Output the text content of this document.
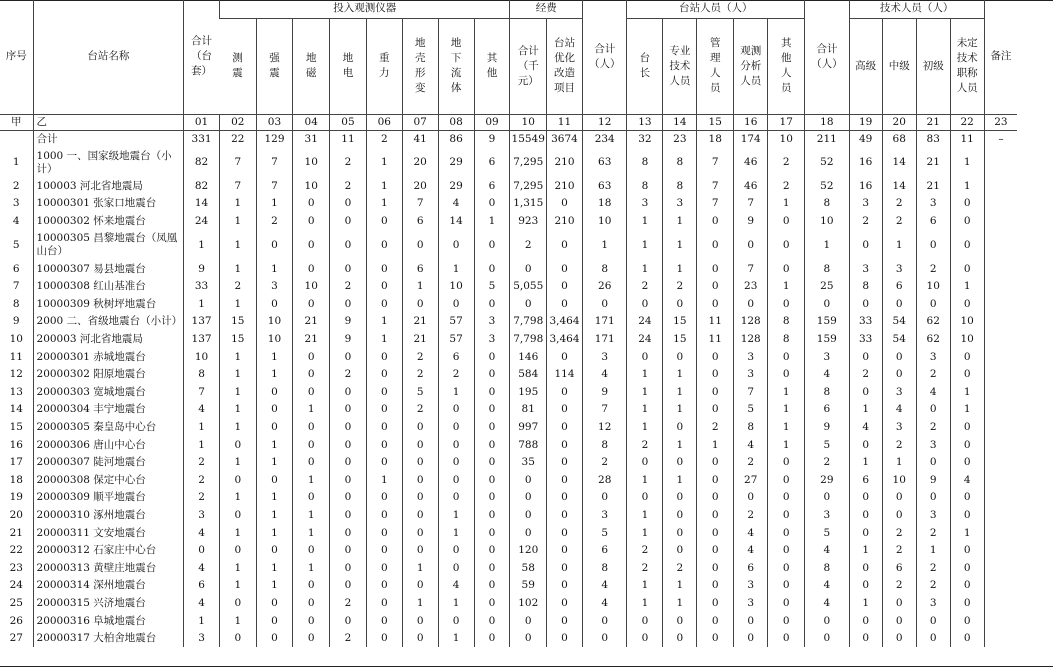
序号	台站名称	合计（台套）	投入观测仪器								经费		合计（人）	台站人员（人）					合计（人）	技术人员（人）				备注
			测震	强震	地磁	地电	重力	地壳形变	地下流体	其他	合计（千元）	台站优化改造项目		台长	专业技术人员	管理人员	观测分析人员	其他人员		高级	中级	初级	未定技术职称人员	
甲	乙	01	02	03	04	05	06	07	08	09	10	11	12	13	14	15	16	17	18	19	20	21	22	23
	合计	331	22	129	31	11	2	41	86	9	15549	3674	234	32	23	18	174	10	211	49	68	83	11	–
1	1000 一、国家级地震台（小计）	82	7	7	10	2	1	20	29	6	7,295	210	63	8	8	7	46	2	52	16	14	21	1	
2	100003 河北省地震局	82	7	7	10	2	1	20	29	6	7,295	210	63	8	8	7	46	2	52	16	14	21	1	
3	10000301 张家口地震台	14	1	1	0	0	1	7	4	0	1,315	0	18	3	3	7	7	1	8	3	2	3	0	
4	10000302 怀来地震台	24	1	2	0	0	0	6	14	1	923	210	10	1	1	0	9	0	10	2	2	6	0	
5	10000305 昌黎地震台（凤凰山台）	1	1	0	0	0	0	0	0	0	2	0	1	1	1	0	0	0	1	0	1	0	0	
6	10000307 易县地震台	9	1	1	0	0	0	6	1	0	0	0	8	1	1	0	7	0	8	3	3	2	0	
7	10000308 红山基准台	33	2	3	10	2	0	1	10	5	5,055	0	26	2	2	0	23	1	25	8	6	10	1	
8	10000309 秋树坪地震台	1	1	0	0	0	0	0	0	0	0	0	0	0	0	0	0	0	0	0	0	0	0	
9	2000 二、省级地震台（小计）	137	15	10	21	9	1	21	57	3	7,798	3,464	171	24	15	11	128	8	159	33	54	62	10	
10	200003 河北省地震局	137	15	10	21	9	1	21	57	3	7,798	3,464	171	24	15	11	128	8	159	33	54	62	10	
11	20000301 赤城地震台	10	1	1	0	0	0	2	6	0	146	0	3	0	0	0	3	0	3	0	0	3	0	
12	20000302 阳原地震台	8	1	1	0	2	0	2	2	0	584	114	4	1	1	0	3	0	4	2	0	2	0	
13	20000303 宽城地震台	7	1	0	0	0	0	5	1	0	195	0	9	1	1	0	7	1	8	0	3	4	1	
14	20000304 丰宁地震台	4	1	0	1	0	0	2	0	0	81	0	7	1	1	0	5	1	6	1	4	0	1	
15	20000305 秦皇岛中心台	1	1	0	0	0	0	0	0	0	997	0	12	1	0	2	8	1	9	4	3	2	0	
16	20000306 唐山中心台	1	0	1	0	0	0	0	0	0	788	0	8	2	1	1	4	1	5	0	2	3	0	
17	20000307 陡河地震台	2	1	1	0	0	0	0	0	0	35	0	2	0	0	0	2	0	2	1	1	0	0	
18	20000308 保定中心台	2	0	0	1	0	1	0	0	0	0	0	28	1	1	0	27	0	29	6	10	9	4	
19	20000309 顺平地震台	2	1	1	0	0	0	0	0	0	0	0	0	0	0	0	0	0	0	0	0	0	0	
20	20000310 涿州地震台	3	0	1	1	0	0	0	1	0	0	0	3	1	0	0	2	0	3	0	0	3	0	
21	20000311 文安地震台	4	1	1	1	0	0	0	1	0	0	0	5	1	0	0	4	0	5	0	2	2	1	
22	20000312 石家庄中心台	0	0	0	0	0	0	0	0	0	120	0	6	2	0	0	4	0	4	1	2	1	0	
23	20000313 黄壁庄地震台	4	1	1	1	0	0	1	0	0	58	0	8	2	2	0	6	0	8	0	6	2	0	
24	20000314 深州地震台	6	1	1	0	0	0	0	4	0	59	0	4	1	1	0	3	0	4	0	2	2	0	
25	20000315 兴济地震台	4	0	0	0	2	0	1	1	0	102	0	4	1	1	0	3	0	4	1	0	3	0	
26	20000316 阜城地震台	1	1	0	0	0	0	0	0	0	0	0	0	0	0	0	0	0	0	0	0	0	0	
27	20000317 大柏舍地震台	3	0	0	0	2	0	0	1	0	0	0	0	0	0	0	0	0	0	0	0	0	0	
